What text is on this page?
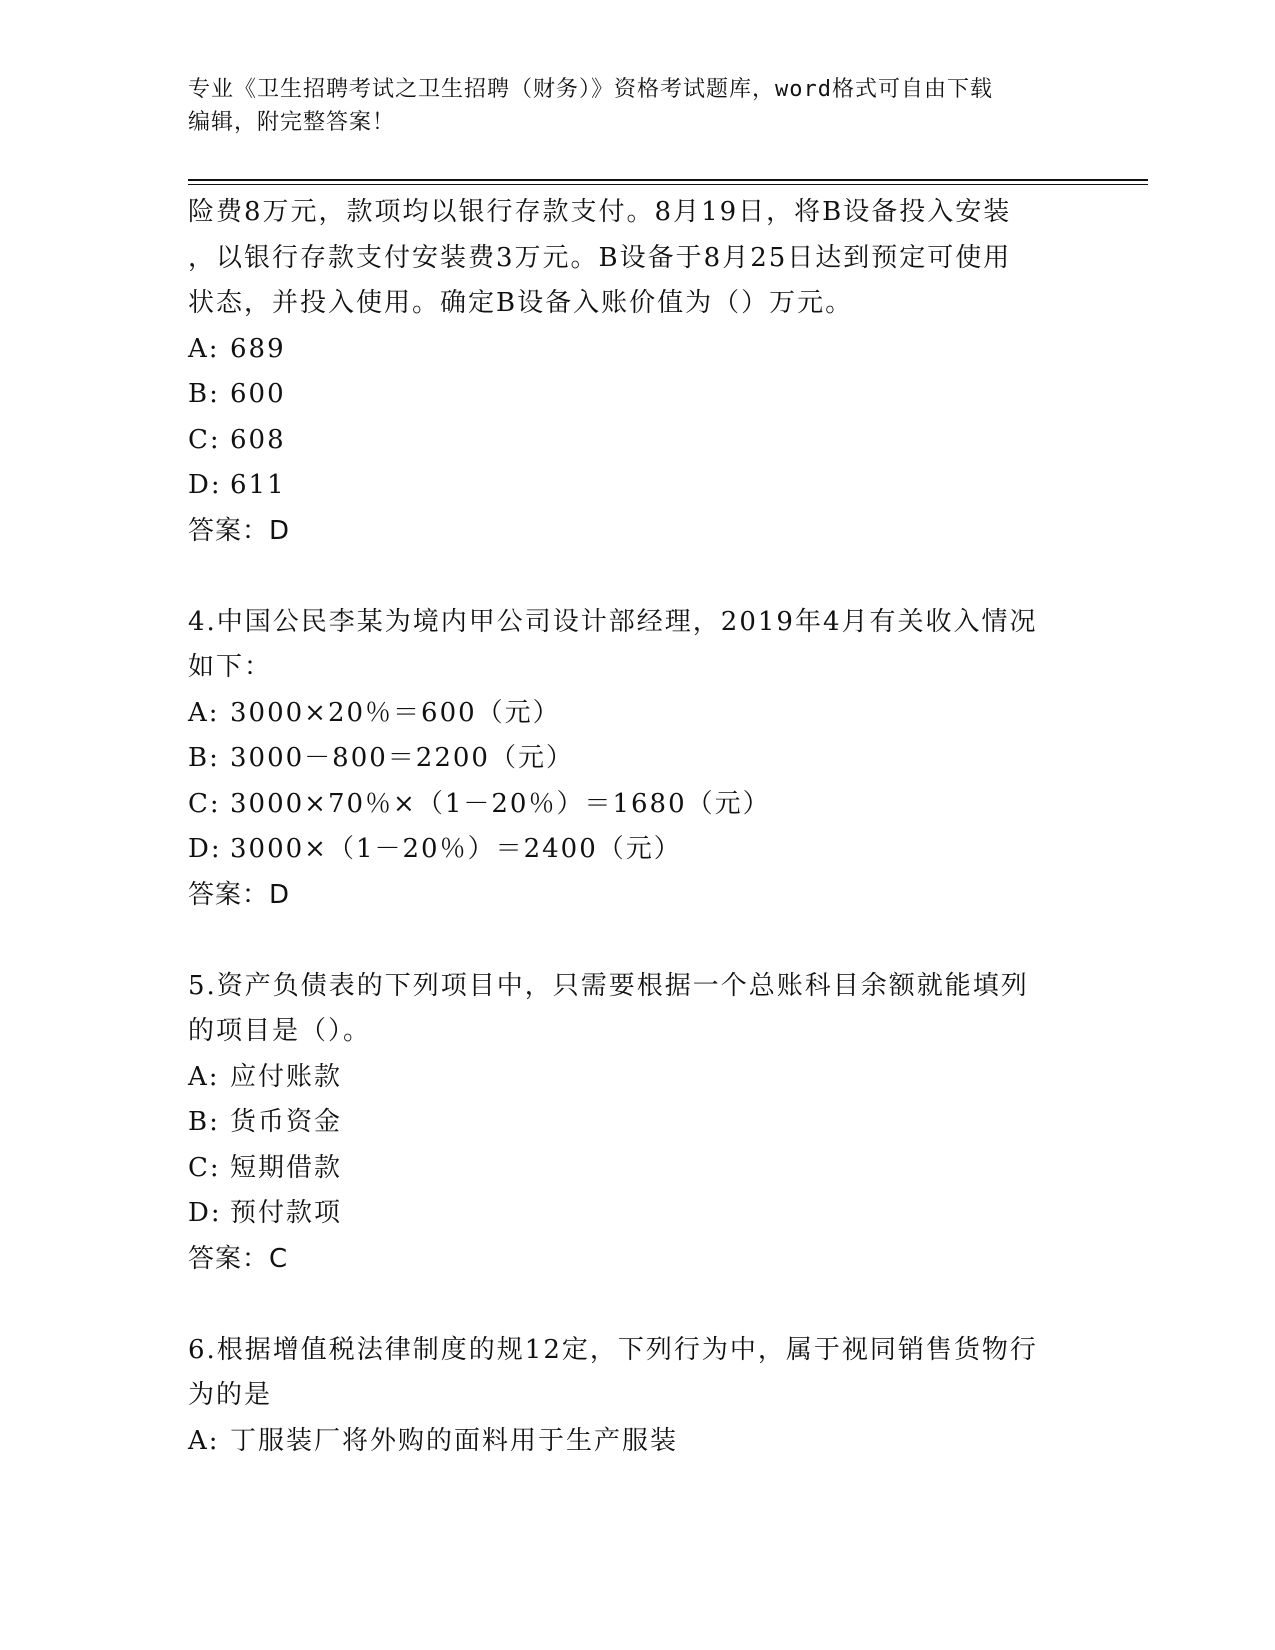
专业《卫生招聘考试之卫生招聘（财务）》资格考试题库，word格式可自由下载
编辑，附完整答案！
险费8万元，款项均以银行存款支付。8月19日，将B设备投入安装
，以银行存款支付安装费3万元。B设备于8月25日达到预定可使用
状态，并投入使用。确定B设备入账价值为（）万元。
A: 689
B: 600
C: 608
D: 611
答案：D
4.中国公民李某为境内甲公司设计部经理，2019年4月有关收入情况
如下：
A: 3000×20％＝600（元）
B: 3000－800＝2200（元）
C: 3000×70％×（1－20％）＝1680（元）
D: 3000×（1－20％）＝2400（元）
答案：D
5.资产负债表的下列项目中，只需要根据一个总账科目余额就能填列
的项目是（）。
A: 应付账款
B: 货币资金
C: 短期借款
D: 预付款项
答案：C
6.根据增值税法律制度的规12定，下列行为中，属于视同销售货物行
为的是
A: 丁服装厂将外购的面料用于生产服装
